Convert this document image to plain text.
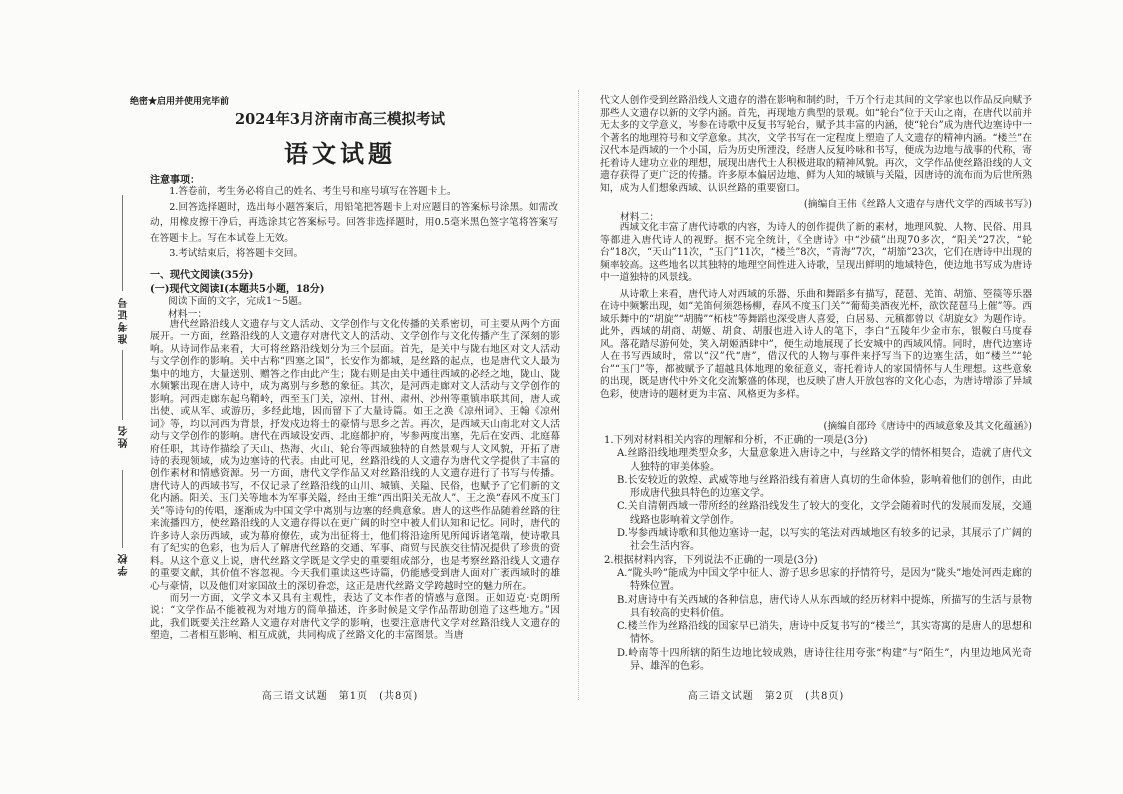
准考证号
姓名
学校
绝密★启用并使用完毕前
2024年3月济南市高三模拟考试
语文试题
注意事项：

1.答卷前，考生务必将自己的姓名、考生号和座号填写在答题卡上。

2.回答选择题时，选出每小题答案后，用铅笔把答题卡上对应题目的答案标号涂黑。如需改动，用橡皮擦干净后，再选涂其它答案标号。回答非选择题时，用0.5毫米黑色签字笔将答案写在答题卡上。写在本试卷上无效。

3.考试结束后，将答题卡交回。

一、现代文阅读(35分)
(一)现代文阅读Ⅰ(本题共5小题，18分)
阅读下面的文字，完成1～5题。
材料一：

唐代丝路沿线人文遗存与文人活动、文学创作与文化传播的关系密切，可主要从两个方面展开。一方面，丝路沿线的人文遗存对唐代文人的活动、文学创作与文化传播产生了深刻的影响。从诗词作品来看，大可将丝路沿线划分为三个层面。首先，是关中与陇右地区对文人活动与文学创作的影响。关中古称“四塞之国”，长安作为都城，是丝路的起点，也是唐代文人最为集中的地方，大量送别、赠答之作由此产生；陇右则是由关中通往西域的必经之地，陇山、陇水频繁出现在唐人诗中，成为离别与乡愁的象征。其次，是河西走廊对文人活动与文学创作的影响。河西走廊东起乌鞘岭，西至玉门关，凉州、甘州、肃州、沙州等重镇串联其间，唐人或出使、或从军、或游历，多经此地，因而留下了大量诗篇。如王之涣《凉州词》、王翰《凉州词》等，均以河西为背景，抒发戍边将士的豪情与思乡之苦。再次，是西域天山南北对文人活动与文学创作的影响。唐代在西域设安西、北庭都护府，岑参两度出塞，先后在安西、北庭幕府任职，其诗作描绘了天山、热海、火山、轮台等西域独特的自然景观与人文风貌，开拓了唐诗的表现领域，成为边塞诗的代表。由此可见，丝路沿线的人文遗存为唐代文学提供了丰富的创作素材和情感资源。另一方面，唐代文学作品又对丝路沿线的人文遗存进行了书写与传播。唐代诗人的西域书写，不仅记录了丝路沿线的山川、城镇、关隘、民俗，也赋予了它们新的文化内涵。阳关、玉门关等地本为军事关隘，经由王维“西出阳关无故人”、王之涣“春风不度玉门关”等诗句的传唱，逐渐成为中国文学中离别与边塞的经典意象。唐人的这些作品随着丝路的往来流播四方，使丝路沿线的人文遗存得以在更广阔的时空中被人们认知和记忆。同时，唐代的许多诗人亲历西域，或为幕府僚佐，或为出征将士，他们将沿途所见所闻诉诸笔端，使诗歌具有了纪实的色彩，也为后人了解唐代丝路的交通、军事、商贸与民族交往情况提供了珍贵的资料。从这个意义上说，唐代丝路文学既是文学史的重要组成部分，也是考察丝路沿线人文遗存的重要文献，其价值不容忽视。今天我们重读这些诗篇，仍能感受到唐人面对广袤西域时的雄心与豪情，以及他们对家国故土的深切眷恋，这正是唐代丝路文学跨越时空的魅力所在。

而另一方面，文学文本又具有主观性，表达了文本作者的情感与意图。正如迈克·克朗所说：“文学作品不能被视为对地方的简单描述，许多时候是文学作品帮助创造了这些地方。”因此，我们既要关注丝路人文遗存对唐代文学的影响，也要注意唐代文学对丝路沿线人文遗存的塑造，二者相互影响、相互成就，共同构成了丝路文化的丰富图景。当唐

高三语文试题　第1页　(共8页)
代文人创作受到丝路沿线人文遗存的潜在影响和制约时，千万个行走其间的文学家也以作品反向赋予那些人文遗存以新的文学内涵。首先，再现地方典型的景观。如“轮台”位于天山之南，在唐代以前并无太多的文学意义，岑参在诗歌中反复书写轮台，赋予其丰富的内涵，使“轮台”成为唐代边塞诗中一个著名的地理符号和文学意象。其次，文学书写在一定程度上塑造了人文遗存的精神内涵。“楼兰”在汉代本是西域的一个小国，后为历史所湮没，经唐人反复吟咏和书写，便成为边地与战事的代称，寄托着诗人建功立业的理想，展现出唐代士人积极进取的精神风貌。再次，文学作品使丝路沿线的人文遗存获得了更广泛的传播。许多原本偏居边地、鲜为人知的城镇与关隘，因唐诗的流布而为后世所熟知，成为人们想象西域、认识丝路的重要窗口。
(摘编自王伟《丝路人文遗存与唐代文学的西域书写》)
材料二：

西域文化丰富了唐代诗歌的内容，为诗人的创作提供了新的素材，地理风貌、人物、民俗、用具等都进入唐代诗人的视野。据不完全统计，《全唐诗》中“沙碛”出现70多次，“阳关”27次，“轮台”18次，“天山”11次，“玉门”11次，“楼兰”8次，“青海”7次，“胡笳”23次，它们在唐诗中出现的频率较高。这些地名以其独特的地理空间性进入诗歌，呈现出鲜明的地域特色，使边地书写成为唐诗中一道独特的风景线。

从诗歌上来看，唐代诗人对西域的乐器、乐曲和舞蹈多有描写，琵琶、羌笛、胡笳、箜篌等乐器在诗中频繁出现，如“羌笛何须怨杨柳，春风不度玉门关”“葡萄美酒夜光杯，欲饮琵琶马上催”等。西域乐舞中的“胡旋”“胡腾”“柘枝”等舞蹈也深受唐人喜爱，白居易、元稹都曾以《胡旋女》为题作诗。此外，西域的胡商、胡姬、胡食、胡服也进入诗人的笔下，李白“五陵年少金市东，银鞍白马度春风。落花踏尽游何处，笑入胡姬酒肆中”，便生动地展现了长安城中的西域风情。同时，唐代边塞诗人在书写西域时，常以“汉”代“唐”，借汉代的人物与事件来抒写当下的边塞生活，如“楼兰”“轮台”“玉门”等，都被赋予了超越具体地理的象征意义，寄托着诗人的家国情怀与人生理想。这些意象的出现，既是唐代中外文化交流繁盛的体现，也反映了唐人开放包容的文化心态，为唐诗增添了异域色彩，使唐诗的题材更为丰富、风格更为多样。

(摘编自邵玲《唐诗中的西域意象及其文化蕴涵》)

1.下列对材料相关内容的理解和分析，不正确的一项是(3分)

A.丝路沿线地理类型众多，大量意象进入唐诗之中，与丝路文学的情怀相契合，造就了唐代文人独特的审美体验。

B.长安较近的敦煌、武威等地与丝路沿线有着唐人真切的生命体验，影响着他们的创作，由此形成唐代独具特色的边塞文学。

C.关自清朝西域一带所经的丝路沿线发生了较大的变化，文学会随着时代的发展而发展，交通线路也影响着文学创作。

D.岑参西域诗歌和其他边塞诗一起，以写实的笔法对西域地区有较多的记录，其展示了广阔的社会生活内容。

2.根据材料内容，下列说法不正确的一项是(3分)

A.“陇头吟”能成为中国文学中征人、游子思乡思家的抒情符号，是因为“陇头”地处河西走廊的特殊位置。

B.对唐诗中有关西域的各种信息，唐代诗人从东西域的经历材料中提炼，所描写的生活与景物具有较高的史料价值。

C.楼兰作为丝路沿线的国家早已消失，唐诗中反复书写的“楼兰”，其实寄寓的是唐人的思想和情怀。

D.岭南等十四所辖的陌生边地比较成熟，唐诗往往用夸张“构建”与“陌生”，内里边地风光奇异、雄浑的色彩。

高三语文试题　第2页　(共8页)
